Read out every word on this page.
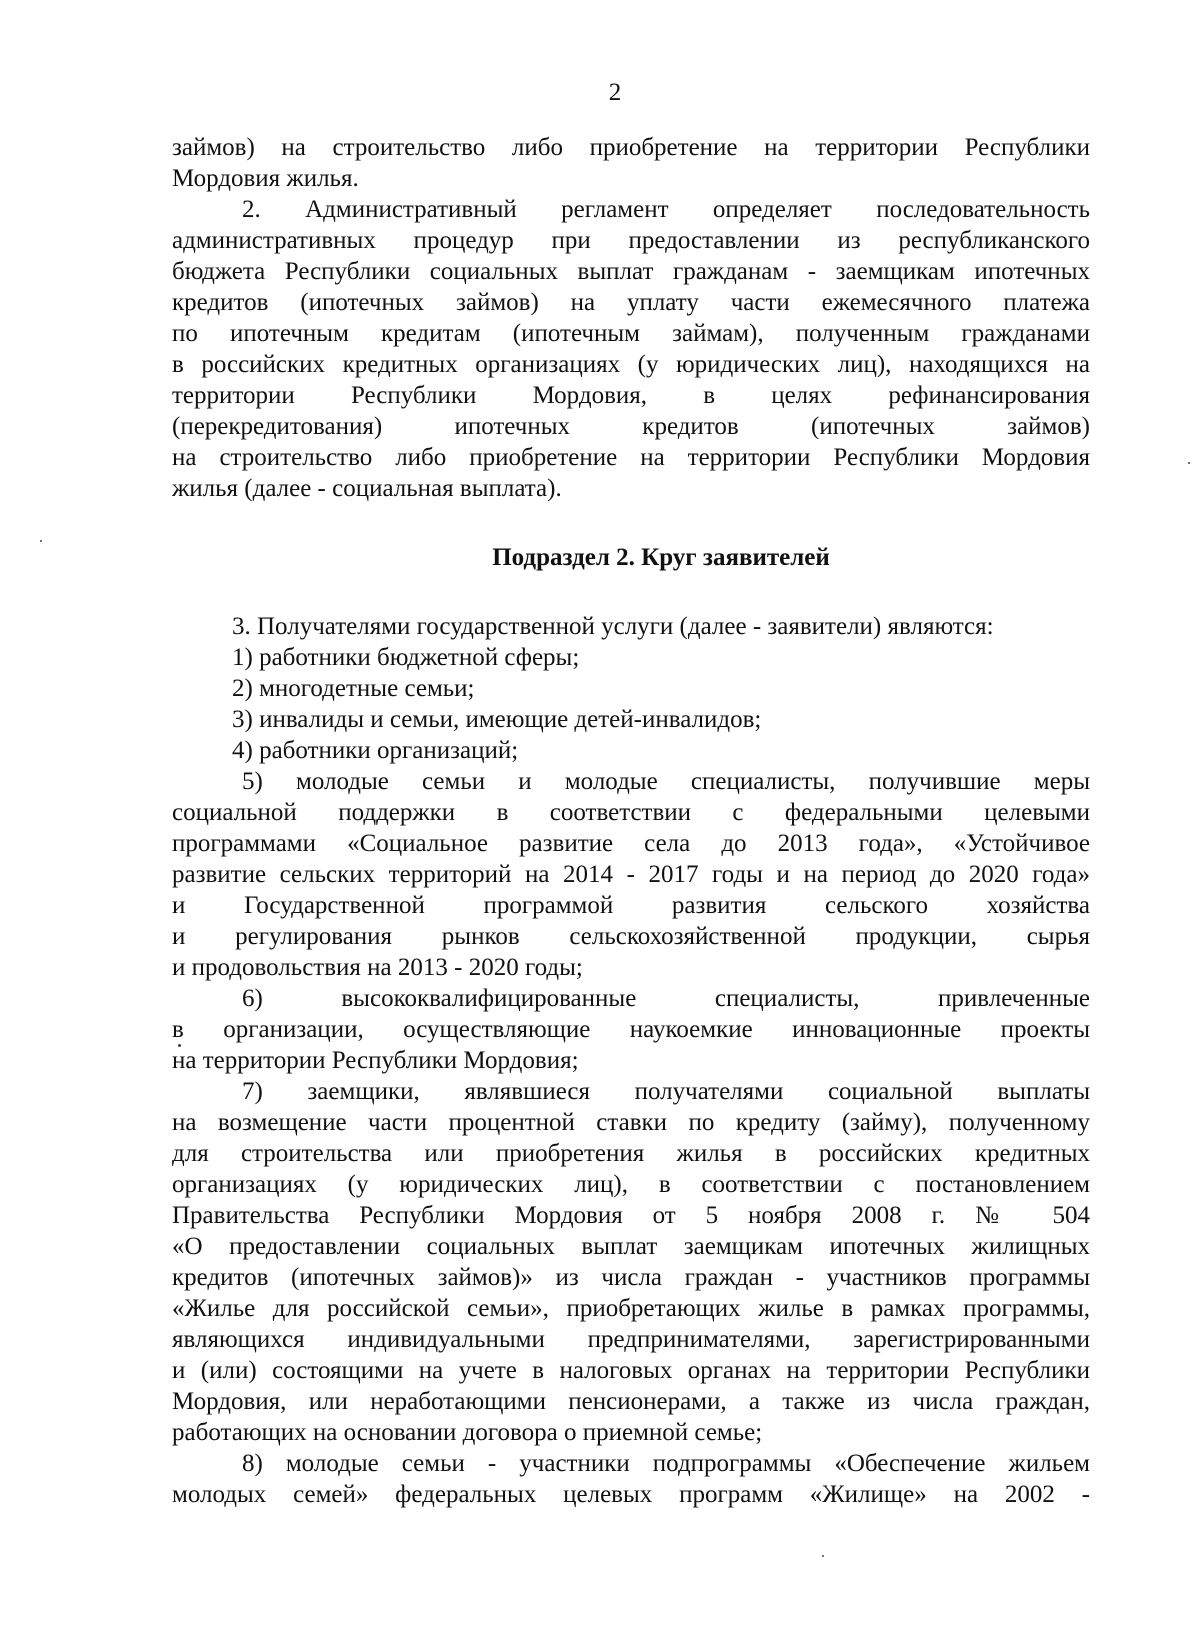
2
займов) на строительство либо приобретение на территории Республики
Мордовия жилья.
2. Административный регламент определяет последовательность
административных процедур при предоставлении из республиканского
бюджета Республики социальных выплат гражданам - заемщикам ипотечных
кредитов (ипотечных займов) на уплату части ежемесячного платежа
по ипотечным кредитам (ипотечным займам), полученным гражданами
в российских кредитных организациях (у юридических лиц), находящихся на
территории Республики Мордовия, в целях рефинансирования
(перекредитования) ипотечных кредитов (ипотечных займов)
на строительство либо приобретение на территории Республики Мордовия
жилья (далее - социальная выплата).
Подраздел 2. Круг заявителей
3. Получателями государственной услуги (далее - заявители) являются:
1) работники бюджетной сферы;
2) многодетные семьи;
3) инвалиды и семьи, имеющие детей-инвалидов;
4) работники организаций;
5) молодые семьи и молодые специалисты, получившие меры
социальной поддержки в соответствии с федеральными целевыми
программами «Социальное развитие села до 2013 года», «Устойчивое
развитие сельских территорий на 2014 - 2017 годы и на период до 2020 года»
и Государственной программой развития сельского хозяйства
и регулирования рынков сельскохозяйственной продукции, сырья
и продовольствия на 2013 - 2020 годы;
6) высококвалифицированные специалисты, привлеченные
в организации, осуществляющие наукоемкие инновационные проекты
на территории Республики Мордовия;
7) заемщики, являвшиеся получателями социальной выплаты
на возмещение части процентной ставки по кредиту (займу), полученному
для строительства или приобретения жилья в российских кредитных
организациях (у юридических лиц), в соответствии с постановлением
Правительства Республики Мордовия от 5 ноября 2008 г. № 504
«О предоставлении социальных выплат заемщикам ипотечных жилищных
кредитов (ипотечных займов)» из числа граждан - участников программы
«Жилье для российской семьи», приобретающих жилье в рамках программы,
являющихся индивидуальными предпринимателями, зарегистрированными
и (или) состоящими на учете в налоговых органах на территории Республики
Мордовия, или неработающими пенсионерами, а также из числа граждан,
работающих на основании договора о приемной семье;
8) молодые семьи - участники подпрограммы «Обеспечение жильем
молодых семей» федеральных целевых программ «Жилище» на 2002 -
